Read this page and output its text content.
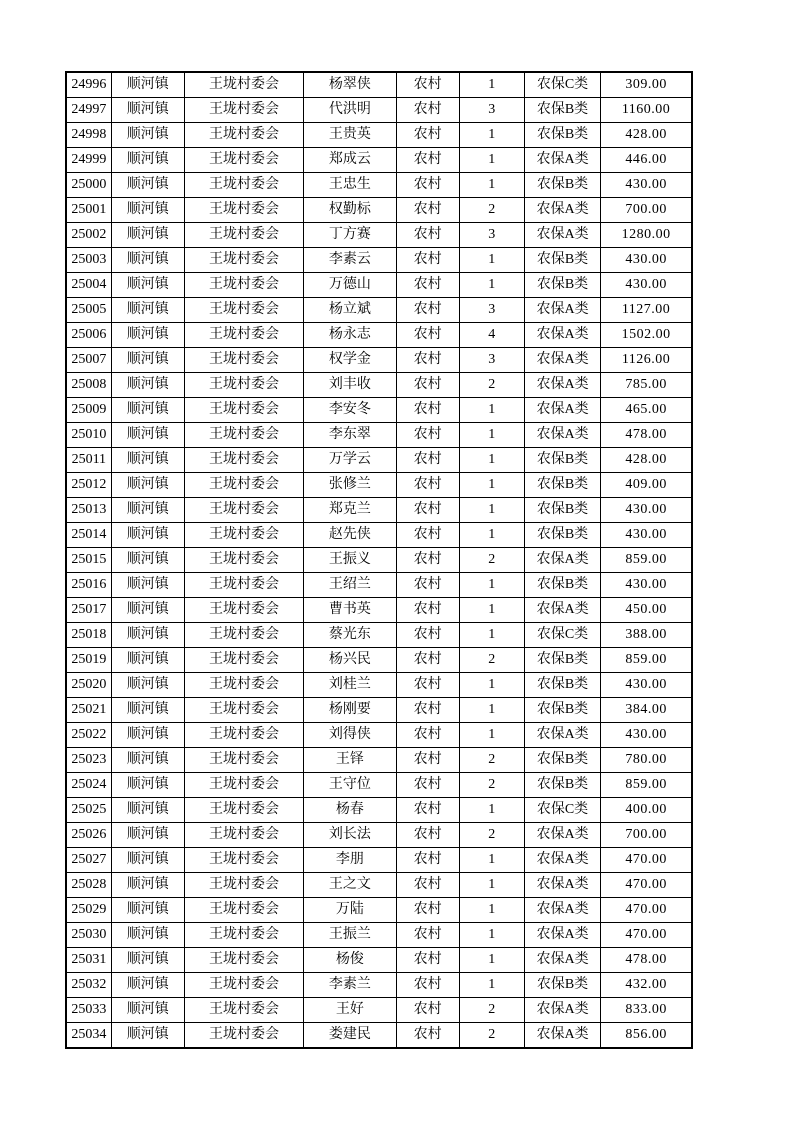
24996	顺河镇	王垅村委会	杨翠侠	农村	1	农保C类	309.00
24997	顺河镇	王垅村委会	代洪明	农村	3	农保B类	1160.00
24998	顺河镇	王垅村委会	王贵英	农村	1	农保B类	428.00
24999	顺河镇	王垅村委会	郑成云	农村	1	农保A类	446.00
25000	顺河镇	王垅村委会	王忠生	农村	1	农保B类	430.00
25001	顺河镇	王垅村委会	权勤标	农村	2	农保A类	700.00
25002	顺河镇	王垅村委会	丁方赛	农村	3	农保A类	1280.00
25003	顺河镇	王垅村委会	李素云	农村	1	农保B类	430.00
25004	顺河镇	王垅村委会	万德山	农村	1	农保B类	430.00
25005	顺河镇	王垅村委会	杨立斌	农村	3	农保A类	1127.00
25006	顺河镇	王垅村委会	杨永志	农村	4	农保A类	1502.00
25007	顺河镇	王垅村委会	权学金	农村	3	农保A类	1126.00
25008	顺河镇	王垅村委会	刘丰收	农村	2	农保A类	785.00
25009	顺河镇	王垅村委会	李安冬	农村	1	农保A类	465.00
25010	顺河镇	王垅村委会	李东翠	农村	1	农保A类	478.00
25011	顺河镇	王垅村委会	万学云	农村	1	农保B类	428.00
25012	顺河镇	王垅村委会	张修兰	农村	1	农保B类	409.00
25013	顺河镇	王垅村委会	郑克兰	农村	1	农保B类	430.00
25014	顺河镇	王垅村委会	赵先侠	农村	1	农保B类	430.00
25015	顺河镇	王垅村委会	王振义	农村	2	农保A类	859.00
25016	顺河镇	王垅村委会	王绍兰	农村	1	农保B类	430.00
25017	顺河镇	王垅村委会	曹书英	农村	1	农保A类	450.00
25018	顺河镇	王垅村委会	蔡光东	农村	1	农保C类	388.00
25019	顺河镇	王垅村委会	杨兴民	农村	2	农保B类	859.00
25020	顺河镇	王垅村委会	刘桂兰	农村	1	农保B类	430.00
25021	顺河镇	王垅村委会	杨刚要	农村	1	农保B类	384.00
25022	顺河镇	王垅村委会	刘得侠	农村	1	农保A类	430.00
25023	顺河镇	王垅村委会	王铎	农村	2	农保B类	780.00
25024	顺河镇	王垅村委会	王守位	农村	2	农保B类	859.00
25025	顺河镇	王垅村委会	杨春	农村	1	农保C类	400.00
25026	顺河镇	王垅村委会	刘长法	农村	2	农保A类	700.00
25027	顺河镇	王垅村委会	李朋	农村	1	农保A类	470.00
25028	顺河镇	王垅村委会	王之文	农村	1	农保A类	470.00
25029	顺河镇	王垅村委会	万陆	农村	1	农保A类	470.00
25030	顺河镇	王垅村委会	王振兰	农村	1	农保A类	470.00
25031	顺河镇	王垅村委会	杨俊	农村	1	农保A类	478.00
25032	顺河镇	王垅村委会	李素兰	农村	1	农保B类	432.00
25033	顺河镇	王垅村委会	王好	农村	2	农保A类	833.00
25034	顺河镇	王垅村委会	娄建民	农村	2	农保A类	856.00
